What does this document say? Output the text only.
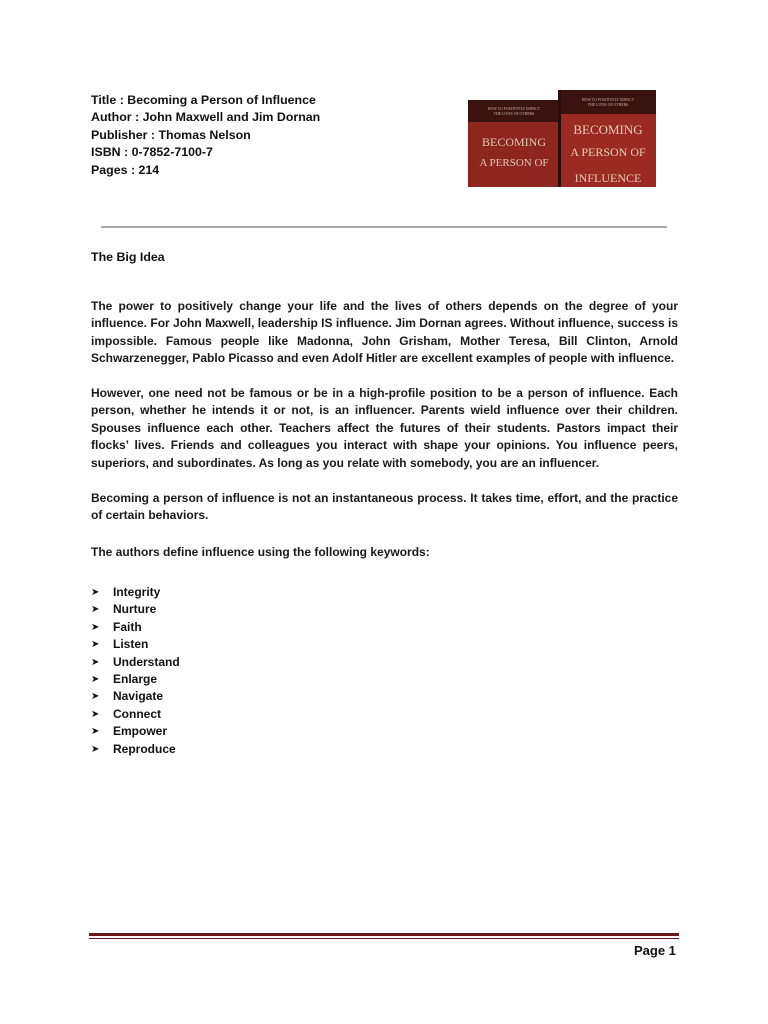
Title : Becoming a Person of Influence
Author : John Maxwell and Jim Dornan
Publisher : Thomas Nelson
ISBN : 0-7852-7100-7
Pages : 214
HOW TO POSITIVELY IMPACT
THE LIVES OF OTHERS
BECOMING
A PERSON OF
HOW TO POSITIVELY IMPACT
THE LIVES OF OTHERS
BECOMING
A PERSON OF
INFLUENCE
The Big Idea

The power to positively change your life and the lives of others depends on the degree of your influence. For John Maxwell, leadership IS influence. Jim Dornan agrees. Without influence, success is impossible. Famous people like Madonna, John Grisham, Mother Teresa, Bill Clinton, Arnold Schwarzenegger, Pablo Picasso and even Adolf Hitler are excellent examples of people with influence.

However, one need not be famous or be in a high-profile position to be a person of influence. Each person, whether he intends it or not, is an influencer. Parents wield influence over their children. Spouses influence each other. Teachers affect the futures of their students. Pastors impact their flocks’ lives. Friends and colleagues you interact with shape your opinions. You influence peers, superiors, and subordinates. As long as you relate with somebody, you are an influencer.

Becoming a person of influence is not an instantaneous process. It takes time, effort, and the practice of certain behaviors.

The authors define influence using the following keywords:

➤	Integrity
➤	Nurture
➤	Faith
➤	Listen
➤	Understand
➤	Enlarge
➤	Navigate
➤	Connect
➤	Empower
➤	Reproduce
Page 1
